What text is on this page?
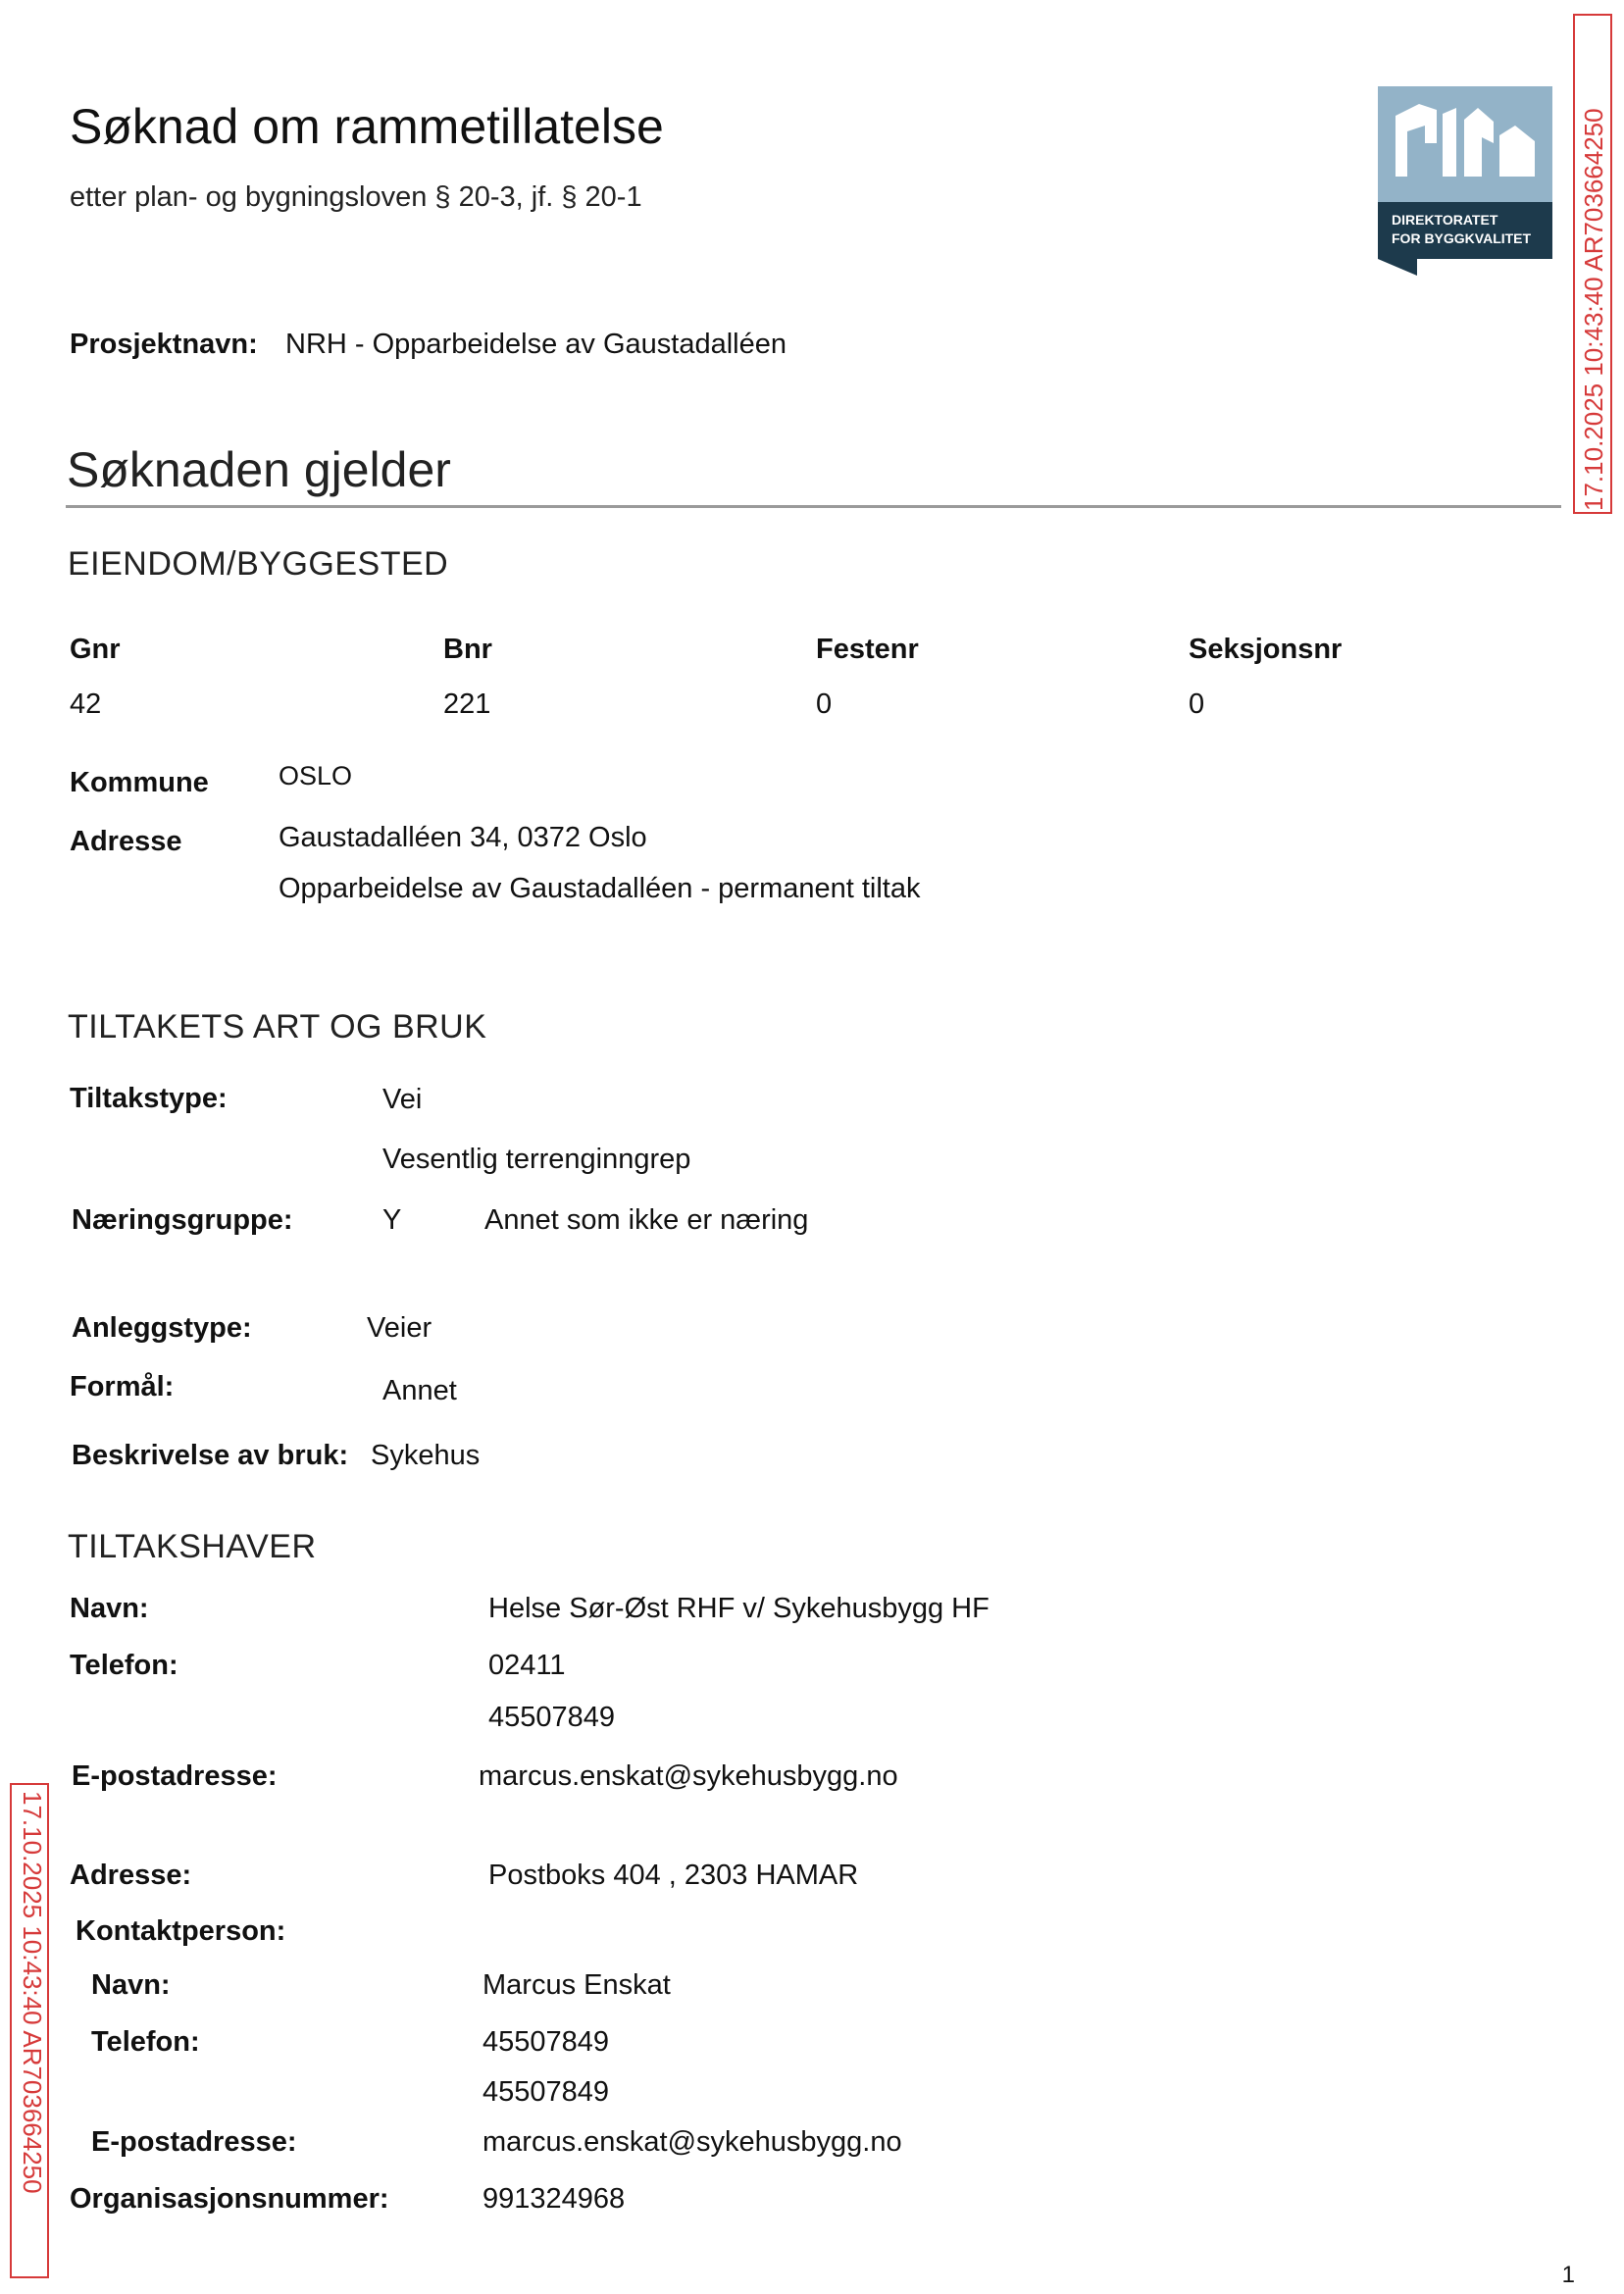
Søknad om rammetillatelse
etter plan- og bygningsloven § 20-3, jf. § 20-1
DIREKTORATET
FOR BYGGKVALITET 17.10.2025 10:43:40 AR703664250
17.10.2025 10:43:40 AR703664250
Prosjektnavn: NRH - Opparbeidelse av Gaustadalléen
Søknaden gjelder
EIENDOM/BYGGESTED
Gnr	Bnr	Festenr	Seksjonsnr
42	221	0	0
Kommune	OSLO
Adresse	Gaustadalléen 34, 0372 Oslo
Opparbeidelse av Gaustadalléen - permanent tiltak
TILTAKETS ART OG BRUK
Tiltakstype:	Vei
Vesentlig terrenginngrep
Næringsgruppe:	Y	Annet som ikke er næring
Anleggstype:	Veier
Formål:	Annet
Beskrivelse av bruk: Sykehus
TILTAKSHAVER
Navn:	Helse Sør-Øst RHF v/ Sykehusbygg HF
Telefon:	02411
45507849
E-postadresse:	marcus.enskat@sykehusbygg.no
Adresse:	Postboks 404 , 2303 HAMAR
Kontaktperson:
Navn:	Marcus Enskat
Telefon:	45507849
45507849
E-postadresse:	marcus.enskat@sykehusbygg.no
Organisasjonsnummer:	991324968
1
